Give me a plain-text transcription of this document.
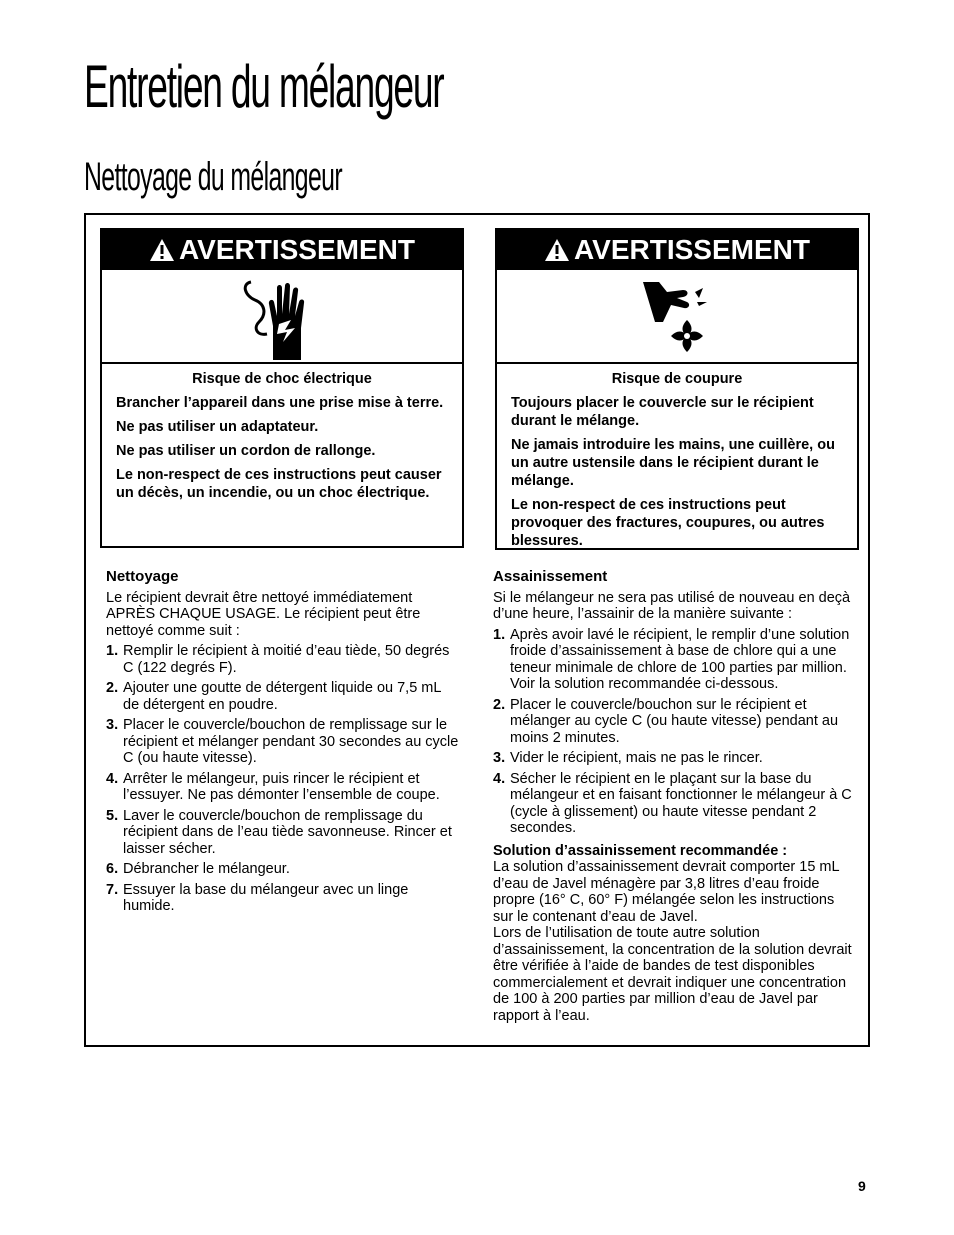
Entretien du mélangeur
Nettoyage du mélangeur
AVERTISSEMENT
Risque de choc électrique

Brancher l’appareil dans une prise mise à terre.

Ne pas utiliser un adaptateur.

Ne pas utiliser un cordon de rallonge.

Le non-respect de ces instructions peut causer un décès, un incendie, ou un choc électrique.

AVERTISSEMENT
Risque de coupure

Toujours placer le couvercle sur le récipient durant le mélange.

Ne jamais introduire les mains, une cuillère, ou un autre ustensile dans le récipient durant le mélange.

Le non-respect de ces instructions peut provoquer des fractures, coupures, ou autres blessures.

Nettoyage

Le récipient devrait être nettoyé immédiatement APRÈS CHAQUE USAGE. Le récipient peut être nettoyé comme suit :

1. Remplir le récipient à moitié d’eau tiède, 50 degrés C (122 degrés F).
2. Ajouter une goutte de détergent liquide ou 7,5 mL de détergent en poudre.
3. Placer le couvercle/bouchon de remplissage sur le récipient et mélanger pendant 30 secondes au cycle C (ou haute vitesse).
4. Arrêter le mélangeur, puis rincer le récipient et l’essuyer. Ne pas démonter l’ensemble de coupe.
5. Laver le couvercle/bouchon de remplissage du récipient dans de l’eau tiède savonneuse. Rincer et laisser sécher.
6. Débrancher le mélangeur.
7. Essuyer la base du mélangeur avec un linge humide.
Assainissement

Si le mélangeur ne sera pas utilisé de nouveau en deçà d’une heure, l’assainir de la manière suivante :

1. Après avoir lavé le récipient, le remplir d’une solution froide d’assainissement à base de chlore qui a une teneur minimale de chlore de 100 parties par million. Voir la solution recommandée ci-dessous.
2. Placer le couvercle/bouchon sur le récipient et mélanger au cycle C (ou haute vitesse) pendant au moins 2 minutes.
3. Vider le récipient, mais ne pas le rincer.
4. Sécher le récipient en le plaçant sur la base du mélangeur et en faisant fonctionner le mélangeur à C (cycle à glissement) ou haute vitesse pendant 2 secondes.

Solution d’assainissement recommandée :
La solution d’assainissement devrait comporter 15 mL d’eau de Javel ménagère par 3,8 litres d’eau froide propre (16° C, 60° F) mélangée selon les instructions sur le contenant d’eau de Javel.
Lors de l’utilisation de toute autre solution d’assainissement, la concentration de la solution devrait être vérifiée à l’aide de bandes de test disponibles commercialement et devrait indiquer une concentration de 100 à 200 parties par million d’eau de Javel par rapport à l’eau.

9
